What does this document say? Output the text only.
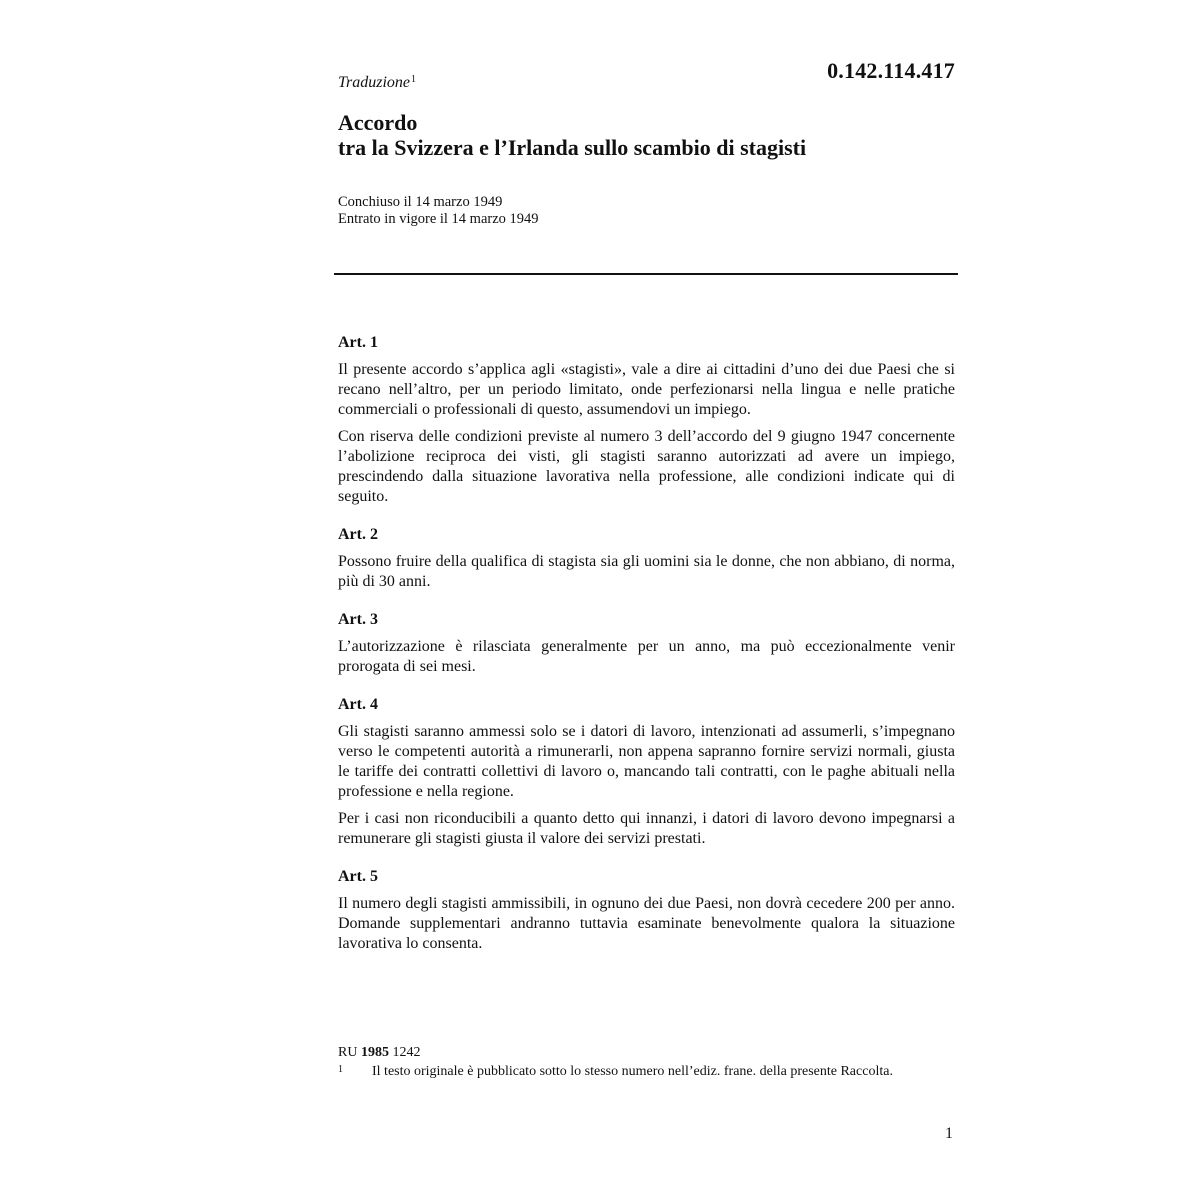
0.142.114.417
Traduzione$^1$
Accordo
tra la Svizzera e l’Irlanda sullo scambio di stagisti
Conchiuso il 14 marzo 1949
Entrato in vigore il 14 marzo 1949
Art. 1

Il presente accordo s’applica agli «stagisti», vale a dire ai cittadini d’uno dei due Paesi che si recano nell’altro, per un periodo limitato, onde perfezionarsi nella lingua e nelle pratiche commerciali o professionali di questo, assumendovi un impiego.

Con riserva delle condizioni previste al numero 3 dell’accordo del 9 giugno 1947 concernente l’abolizione reciproca dei visti, gli stagisti saranno autorizzati ad avere un impiego, prescindendo dalla situazione lavorativa nella professione, alle condizioni indicate qui di seguito.

Art. 2

Possono fruire della qualifica di stagista sia gli uomini sia le donne, che non abbiano, di norma, più di 30 anni.

Art. 3

L’autorizzazione è rilasciata generalmente per un anno, ma può eccezionalmente venir prorogata di sei mesi.

Art. 4

Gli stagisti saranno ammessi solo se i datori di lavoro, intenzionati ad assumerli, s’impegnano verso le competenti autorità a rimunerarli, non appena sapranno fornire servizi normali, giusta le tariffe dei contratti collettivi di lavoro o, mancando tali contratti, con le paghe abituali nella professione e nella regione.

Per i casi non riconducibili a quanto detto qui innanzi, i datori di lavoro devono impegnarsi a remunerare gli stagisti giusta il valore dei servizi prestati.

Art. 5

Il numero degli stagisti ammissibili, in ognuno dei due Paesi, non dovrà cecedere 200 per anno. Domande supplementari andranno tuttavia esaminate benevolmente qualora la situazione lavorativa lo consenta.

RU 1985 1242
1	Il testo originale è pubblicato sotto lo stesso numero nell’ediz. frane. della presente Raccolta.
1
